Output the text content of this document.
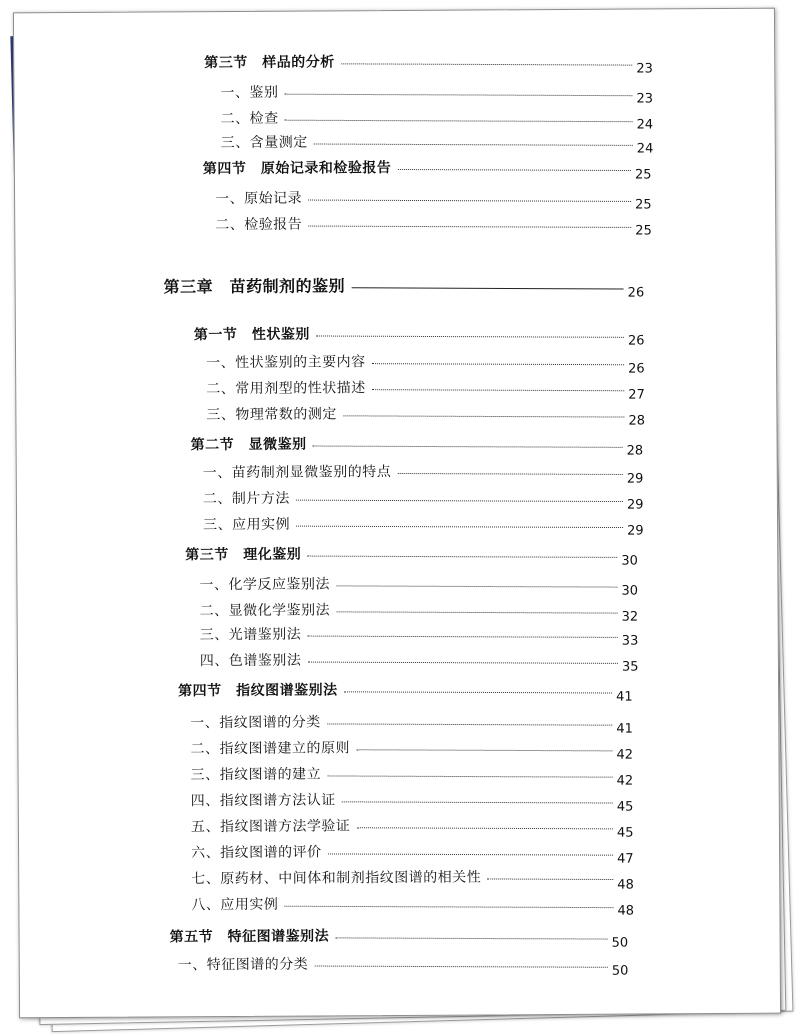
第三节　样品的分析	23
一、鉴别	23
二、检查	24
三、含量测定	24
第四节　原始记录和检验报告	25
一、原始记录	25
二、检验报告	25
第三章　苗药制剂的鉴别	26
第一节　性状鉴别	26
一、性状鉴别的主要内容	26
二、常用剂型的性状描述	27
三、物理常数的测定	28
第二节　显微鉴别	28
一、苗药制剂显微鉴别的特点	29
二、制片方法	29
三、应用实例	29
第三节　理化鉴别	30
一、化学反应鉴别法	30
二、显微化学鉴别法	32
三、光谱鉴别法	33
四、色谱鉴别法	35
第四节　指纹图谱鉴别法	41
一、指纹图谱的分类	41
二、指纹图谱建立的原则	42
三、指纹图谱的建立	42
四、指纹图谱方法认证	45
五、指纹图谱方法学验证	45
六、指纹图谱的评价	47
七、原药材、中间体和制剂指纹图谱的相关性	48
八、应用实例	48
第五节　特征图谱鉴别法	50
一、特征图谱的分类	50
